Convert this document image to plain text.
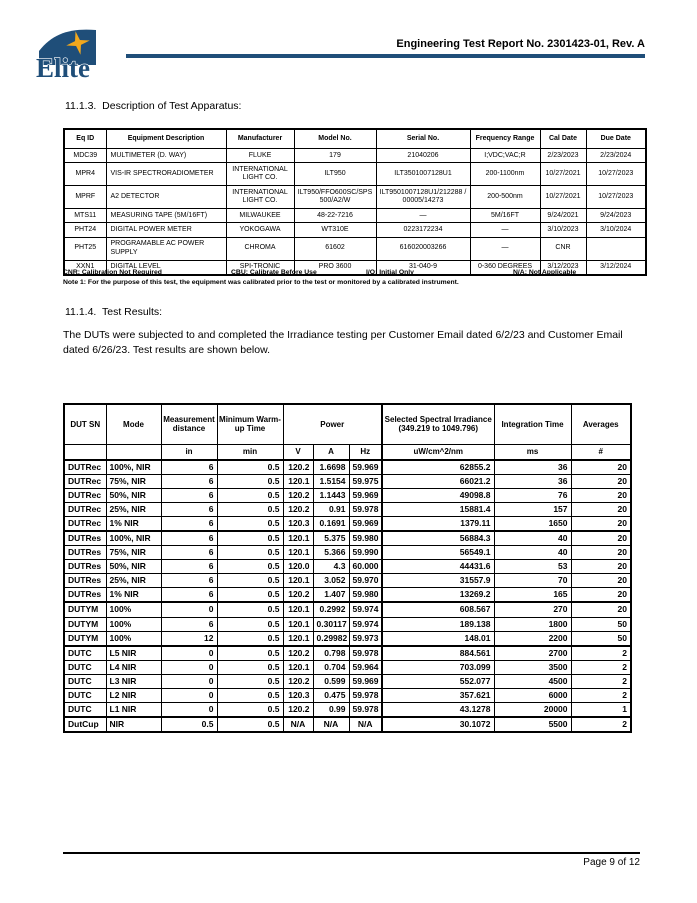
Elite
Engineering Test Report No. 2301423-01, Rev. A
11.1.3.  Description of Test Apparatus:
Eq ID	Equipment Description	Manufacturer	Model No.	Serial No.	Frequency Range	Cal Date	Due Date
MDC39	MULTIMETER (D. WAY)	FLUKE	179	21040206	I;VDC;VAC;R	2/23/2023	2/23/2024
MPR4	VIS-IR SPECTRORADIOMETER	INTERNATIONAL LIGHT CO.	ILT950	ILT3501007128U1	200-1100nm	10/27/2021	10/27/2023
MPRF	A2 DETECTOR	INTERNATIONAL LIGHT CO.	ILT950/FFO600SC/SPS500/A2/W	ILT9501007128U1/212288 /00005/14273	200-500nm	10/27/2021	10/27/2023
MTS11	MEASURING TAPE (5M/16FT)	MILWAUKEE	48-22-7216	—	5M/16FT	9/24/2021	9/24/2023
PHT24	DIGITAL POWER METER	YOKOGAWA	WT310E	0223172234	—	3/10/2023	3/10/2024
PHT25	PROGRAMABLE AC POWER SUPPLY	CHROMA	61602	616020003266	—	CNR	
XXN1	DIGITAL LEVEL	SPI-TRONIC	PRO 3600	31-040-9	0-360 DEGREES	3/12/2023	3/12/2024
CNR: Calibration Not Required	CBU: Calibrate Before Use	I/O: Initial Only	N/A: Not Applicable
Note 1: For the purpose of this test, the equipment was calibrated prior to the test or monitored by a calibrated instrument.
11.1.4.  Test Results:

The DUTs were subjected to and completed the Irradiance testing per Customer Email dated 6/2/23 and Customer Email dated 6/26/23. Test results are shown below.

DUT SN	Mode	Measurement distance	Minimum Warm-up Time	Power			Selected Spectral Irradiance (349.219 to 1049.796)	Integration Time	Averages
		in	min	V	A	Hz	uW/cm^2/nm	ms	#
DUTRec	100%, NIR	6	0.5	120.2	1.6698	59.969	62855.2	36	20
DUTRec	75%, NIR	6	0.5	120.1	1.5154	59.975	66021.2	36	20
DUTRec	50%, NIR	6	0.5	120.2	1.1443	59.969	49098.8	76	20
DUTRec	25%, NIR	6	0.5	120.2	0.91	59.978	15881.4	157	20
DUTRec	1% NIR	6	0.5	120.3	0.1691	59.969	1379.11	1650	20
DUTRes	100%, NIR	6	0.5	120.1	5.375	59.980	56884.3	40	20
DUTRes	75%, NIR	6	0.5	120.1	5.366	59.990	56549.1	40	20
DUTRes	50%, NIR	6	0.5	120.0	4.3	60.000	44431.6	53	20
DUTRes	25%, NIR	6	0.5	120.1	3.052	59.970	31557.9	70	20
DUTRes	1% NIR	6	0.5	120.2	1.407	59.980	13269.2	165	20
DUTYM	100%	0	0.5	120.1	0.2992	59.974	608.567	270	20
DUTYM	100%	6	0.5	120.1	0.30117	59.974	189.138	1800	50
DUTYM	100%	12	0.5	120.1	0.29982	59.973	148.01	2200	50
DUTC	L5 NIR	0	0.5	120.2	0.798	59.978	884.561	2700	2
DUTC	L4 NIR	0	0.5	120.1	0.704	59.964	703.099	3500	2
DUTC	L3 NIR	0	0.5	120.2	0.599	59.969	552.077	4500	2
DUTC	L2 NIR	0	0.5	120.3	0.475	59.978	357.621	6000	2
DUTC	L1 NIR	0	0.5	120.2	0.99	59.978	43.1278	20000	1
DutCup	NIR	0.5	0.5	N/A	N/A	N/A	30.1072	5500	2
Page 9 of 12
